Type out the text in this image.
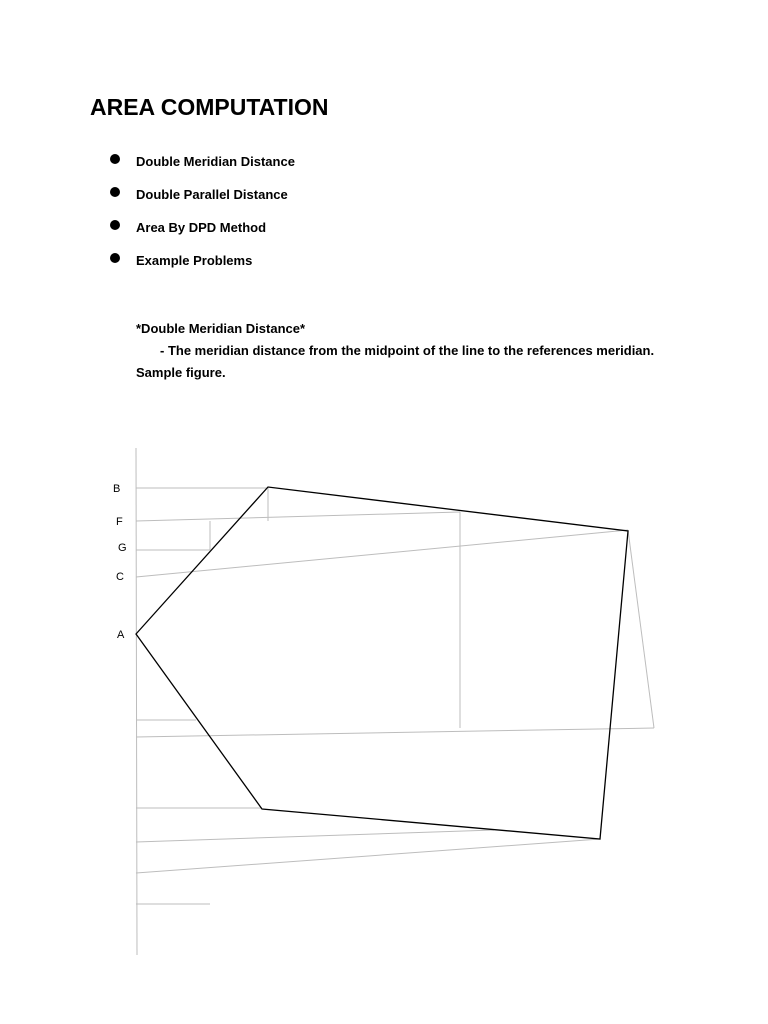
AREA COMPUTATION
Double Meridian Distance
Double Parallel Distance
Area By DPD Method
Example Problems
*Double Meridian Distance*
- The meridian distance from the midpoint of the line to the references meridian.
Sample figure.
B
F
G
C
A
